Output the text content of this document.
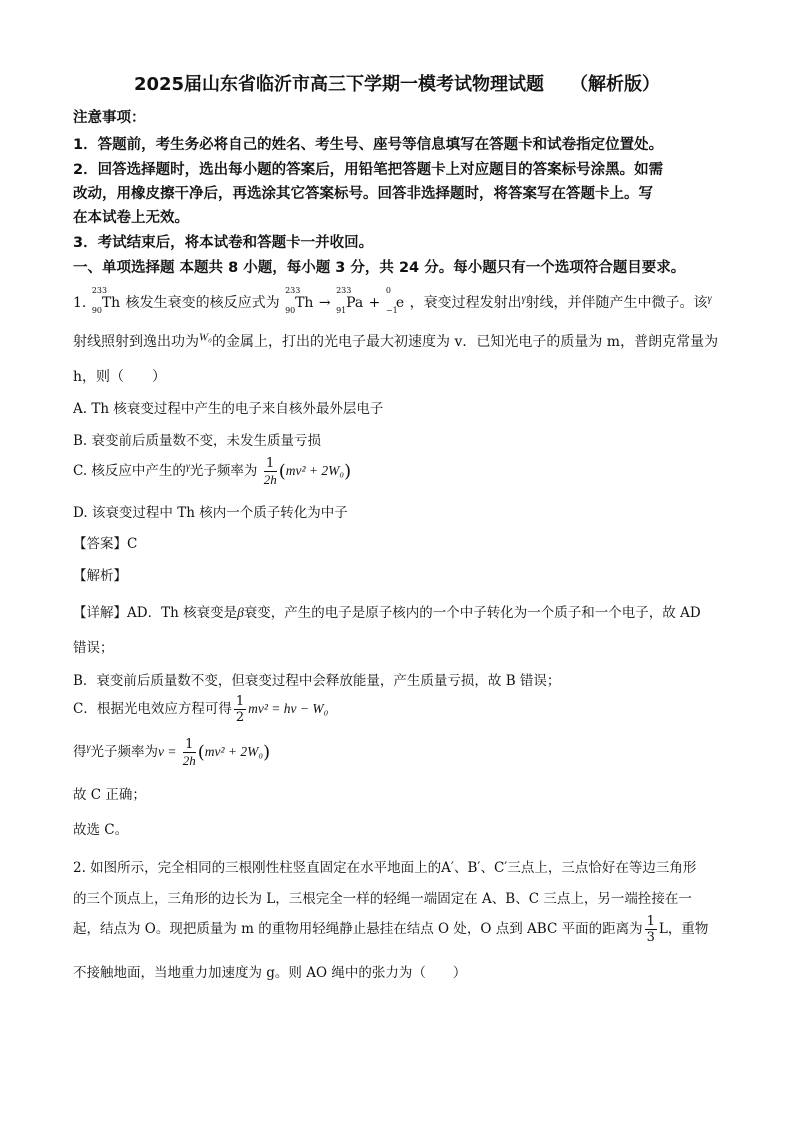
2025届山东省临沂市高三下学期一模考试物理试题 （解析版）
注意事项：
1．答题前，考生务必将自己的姓名、考生号、座号等信息填写在答题卡和试卷指定位置处。
2．回答选择题时，选出每小题的答案后，用铅笔把答题卡上对应题目的答案标号涂黑。如需
改动，用橡皮擦干净后，再选涂其它答案标号。回答非选择题时，将答案写在答题卡上。写
在本试卷上无效。
3．考试结束后，将本试卷和答题卡一并收回。
一、单项选择题 本题共 8 小题，每小题 3 分，共 24 分。每小题只有一个选项符合题目要求。
1.
233
90 Th 核发生衰变的核反应式为
233
90 Th →
233
91 Pa +
0
−1
e ，衰变过程发射出$^\gamma$射线，并伴随产生中微子。该$^\gamma$
射线照射到逸出功为$^{W_0}$的金属上，打出的光电子最大初速度为 v．已知光电子的质量为 m，普朗克常量为
h，则（　　）
A. Th 核衰变过程中产生的电子来自核外最外层电子
B. 衰变前后质量数不变，未发生质量亏损
C. 核反应中产生的$^\gamma$光子频率为 $\frac{1}{2h} (mv^2 + 2W_0)$
D. 该衰变过程中 Th 核内一个质子转化为中子
【答案】C
【解析】
【详解】AD．Th 核衰变是β衰变，产生的电子是原子核内的一个中子转化为一个质子和一个电子，故 AD
错误；
B．衰变前后质量数不变，但衰变过程中会释放能量，产生质量亏损，故 B 错误；
C．根据光电效应方程可得 $\frac{1}{2} mv^2 = h\nu - W_0$
得$^\gamma$光子频率为$\nu = \frac{1}{2h} (mv^2 + 2W_0)$
故 C 正确；
故选 C。
2. 如图所示，完全相同的三根刚性柱竖直固定在水平地面上的A′、B′、C′三点上，三点恰好在等边三角形
的三个顶点上，三角形的边长为 L，三根完全一样的轻绳一端固定在 A、B、C 三点上，另一端拴接在一
起，结点为 O。现把质量为 m 的重物用轻绳静止悬挂在结点 O 处，O 点到 ABC 平面的距离为 $\frac{1}{3}$ L，重物
不接触地面，当地重力加速度为 g。则 AO 绳中的张力为（　　）
